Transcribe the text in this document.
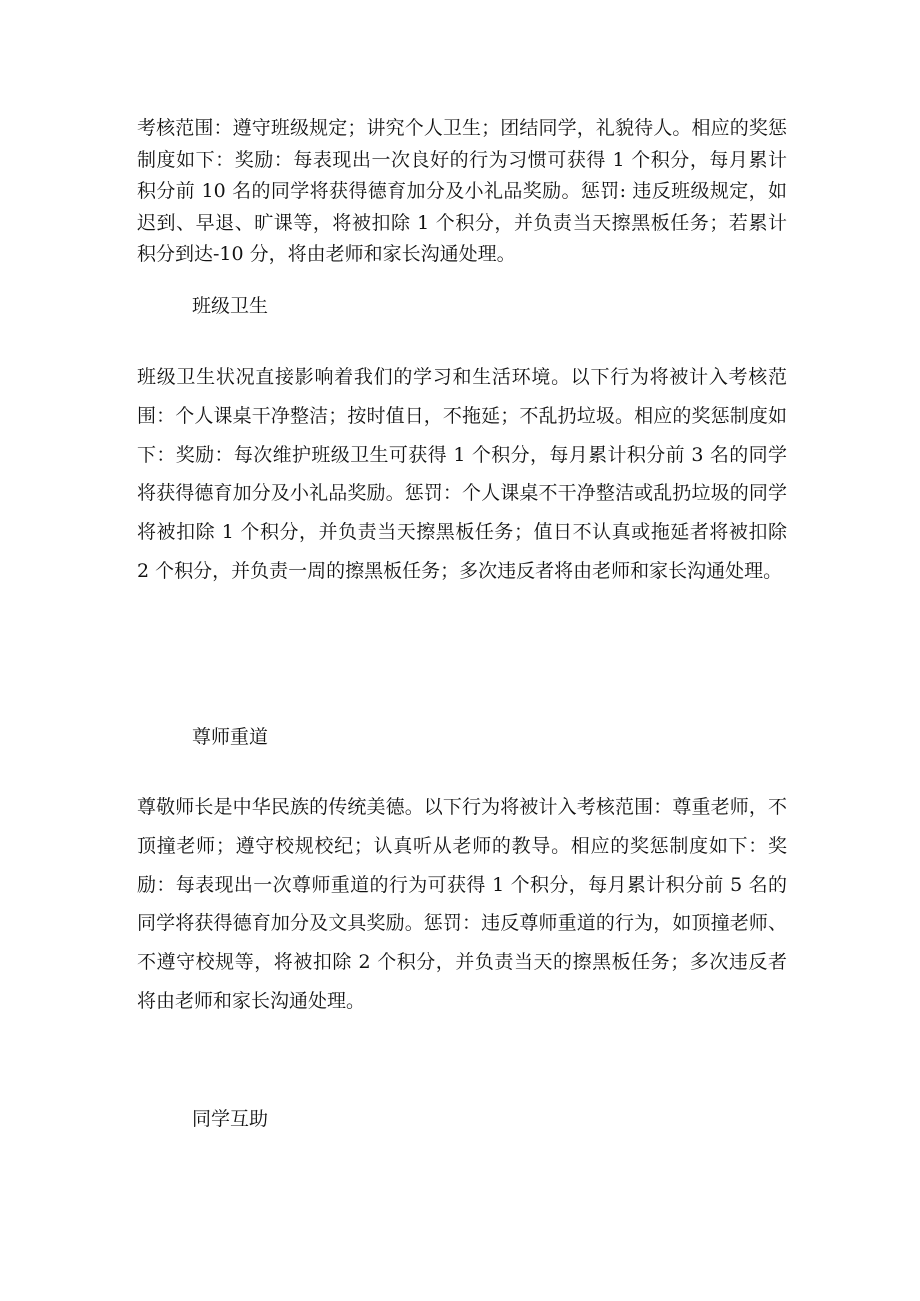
考核范围：遵守班级规定；讲究个人卫生；团结同学，礼貌待人。相应的奖惩制度如下：奖励：每表现出一次良好的行为习惯可获得 1 个积分，每月累计积分前 10 名的同学将获得德育加分及小礼品奖励。惩罚: 违反班级规定，如迟到、早退、旷课等，将被扣除 1 个积分，并负责当天擦黑板任务；若累计积分到达-10 分，将由老师和家长沟通处理。

班级卫生

班级卫生状况直接影响着我们的学习和生活环境。以下行为将被计入考核范围：个人课桌干净整洁；按时值日，不拖延；不乱扔垃圾。相应的奖惩制度如下：奖励：每次维护班级卫生可获得 1 个积分，每月累计积分前 3 名的同学将获得德育加分及小礼品奖励。惩罚：个人课桌不干净整洁或乱扔垃圾的同学将被扣除 1 个积分，并负责当天擦黑板任务；值日不认真或拖延者将被扣除 2 个积分，并负责一周的擦黑板任务；多次违反者将由老师和家长沟通处理。

尊师重道

尊敬师长是中华民族的传统美德。以下行为将被计入考核范围：尊重老师，不顶撞老师；遵守校规校纪；认真听从老师的教导。相应的奖惩制度如下：奖励：每表现出一次尊师重道的行为可获得 1 个积分，每月累计积分前 5 名的同学将获得德育加分及文具奖励。惩罚：违反尊师重道的行为，如顶撞老师、不遵守校规等，将被扣除 2 个积分，并负责当天的擦黑板任务；多次违反者将由老师和家长沟通处理。

同学互助
